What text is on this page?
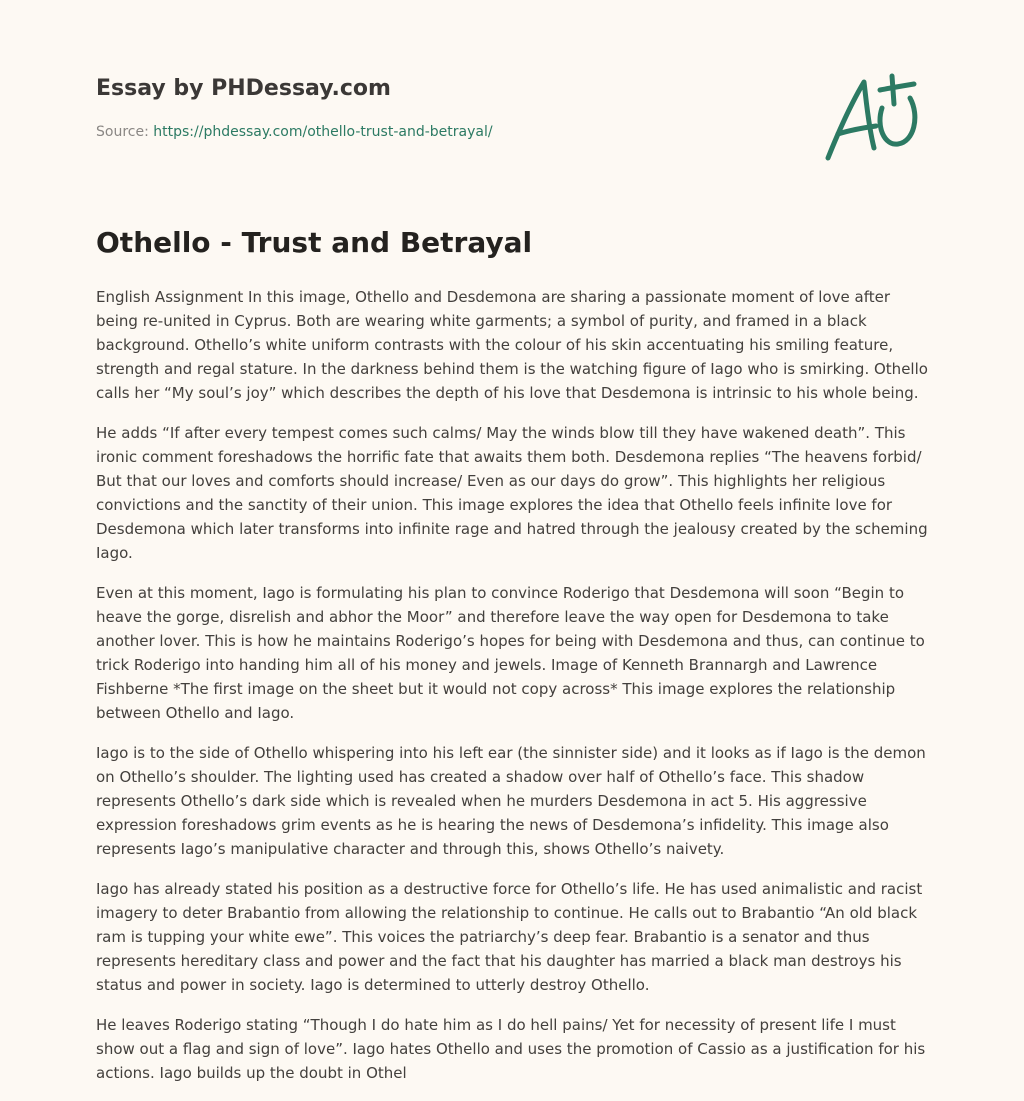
Essay by PHDessay.com
Source: https://phdessay.com/othello-trust-and-betrayal/
Othello - Trust and Betrayal

English Assignment In this image, Othello and Desdemona are sharing a passionate moment of love after being re-united in Cyprus. Both are wearing white garments; a symbol of purity, and framed in a black background. Othello’s white uniform contrasts with the colour of his skin accentuating his smiling feature, strength and regal stature. In the darkness behind them is the watching figure of Iago who is smirking. Othello calls her “My soul’s joy” which describes the depth of his love that Desdemona is intrinsic to his whole being.

He adds “If after every tempest comes such calms/ May the winds blow till they have wakened death”. This ironic comment foreshadows the horrific fate that awaits them both. Desdemona replies “The heavens forbid/ But that our loves and comforts should increase/ Even as our days do grow”. This highlights her religious convictions and the sanctity of their union. This image explores the idea that Othello feels infinite love for Desdemona which later transforms into infinite rage and hatred through the jealousy created by the scheming Iago.

Even at this moment, Iago is formulating his plan to convince Roderigo that Desdemona will soon “Begin to heave the gorge, disrelish and abhor the Moor” and therefore leave the way open for Desdemona to take another lover. This is how he maintains Roderigo’s hopes for being with Desdemona and thus, can continue to trick Roderigo into handing him all of his money and jewels. Image of Kenneth Brannargh and Lawrence Fishberne *The first image on the sheet but it would not copy across* This image explores the relationship between Othello and Iago.

Iago is to the side of Othello whispering into his left ear (the sinnister side) and it looks as if Iago is the demon on Othello’s shoulder. The lighting used has created a shadow over half of Othello’s face. This shadow represents Othello’s dark side which is revealed when he murders Desdemona in act 5. His aggressive expression foreshadows grim events as he is hearing the news of Desdemona’s infidelity. This image also represents Iago’s manipulative character and through this, shows Othello’s naivety.

Iago has already stated his position as a destructive force for Othello’s life. He has used animalistic and racist imagery to deter Brabantio from allowing the relationship to continue. He calls out to Brabantio “An old black ram is tupping your white ewe”. This voices the patriarchy’s deep fear. Brabantio is a senator and thus represents hereditary class and power and the fact that his daughter has married a black man destroys his status and power in society. Iago is determined to utterly destroy Othello.

He leaves Roderigo stating “Though I do hate him as I do hell pains/ Yet for necessity of present life I must show out a flag and sign of love”. Iago hates Othello and uses the promotion of Cassio as a justification for his actions. Iago builds up the doubt in Othel
